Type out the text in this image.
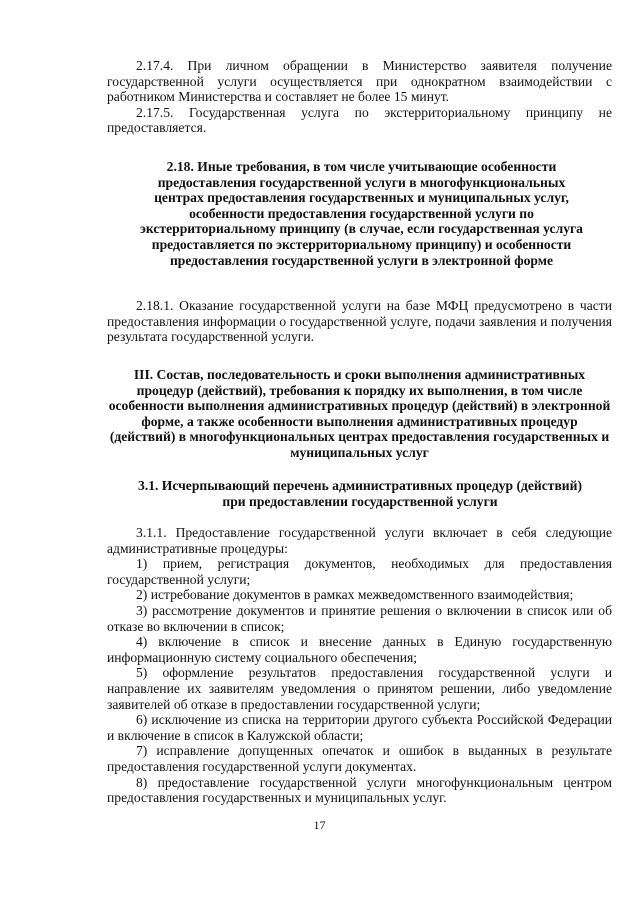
2.17.4. При личном обращении в Министерство заявителя получение государственной услуги осуществляется при однократном взаимодействии с работником Министерства и составляет не более 15 минут.

2.17.5. Государственная услуга по экстерриториальному принципу не предоставляется.

2.18. Иные требования, в том числе учитывающие особенности предоставления государственной услуги в многофункциональных центрах предоставления государственных и муниципальных услуг, особенности предоставления государственной услуги по экстерриториальному принципу (в случае, если государственная услуга предоставляется по экстерриториальному принципу) и особенности предоставления государственной услуги в электронной форме

2.18.1. Оказание государственной услуги на базе МФЦ предусмотрено в части предоставления информации о государственной услуге, подачи заявления и получения результата государственной услуги.

III. Состав, последовательность и сроки выполнения административных процедур (действий), требования к порядку их выполнения, в том числе особенности выполнения административных процедур (действий) в электронной форме, а также особенности выполнения административных процедур (действий) в многофункциональных центрах предоставления государственных и муниципальных услуг

3.1. Исчерпывающий перечень административных процедур (действий) при предоставлении государственной услуги

3.1.1. Предоставление государственной услуги включает в себя следующие административные процедуры:

1) прием, регистрация документов, необходимых для предоставления государственной услуги;

2) истребование документов в рамках межведомственного взаимодействия;

3) рассмотрение документов и принятие решения о включении в список или об отказе во включении в список;

4) включение в список и внесение данных в Единую государственную информационную систему социального обеспечения;

5) оформление результатов предоставления государственной услуги и направление их заявителям уведомления о принятом решении, либо уведомление заявителей об отказе в предоставлении государственной услуги;

6) исключение из списка на территории другого субъекта Российской Федерации и включение в список в Калужской области;

7) исправление допущенных опечаток и ошибок в выданных в результате предоставления государственной услуги документах.

8) предоставление государственной услуги многофункциональным центром предоставления государственных и муниципальных услуг.

17
